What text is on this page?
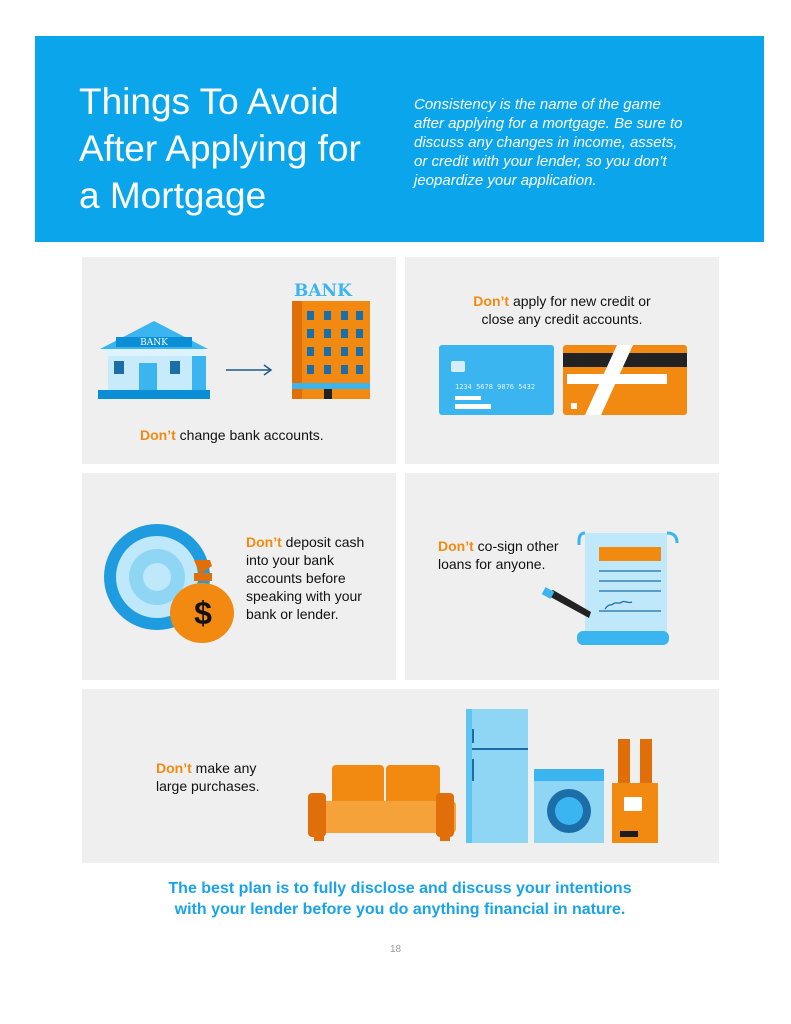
Things To Avoid
After Applying for
a Mortgage

Consistency is the name of the game
after applying for a mortgage. Be sure to
discuss any changes in income, assets,
or credit with your lender, so you don’t
jeopardize your application.

BANK
BANK

Don’t change bank accounts.

Don’t apply for new credit or
close any credit accounts.

1234 5678 9876 5432
$

Don’t deposit cash
into your bank
accounts before
speaking with your
bank or lender.

Don’t co-sign other
loans for anyone.

Don’t make any
large purchases.

The best plan is to fully disclose and discuss your intentions
with your lender before you do anything financial in nature.

18
